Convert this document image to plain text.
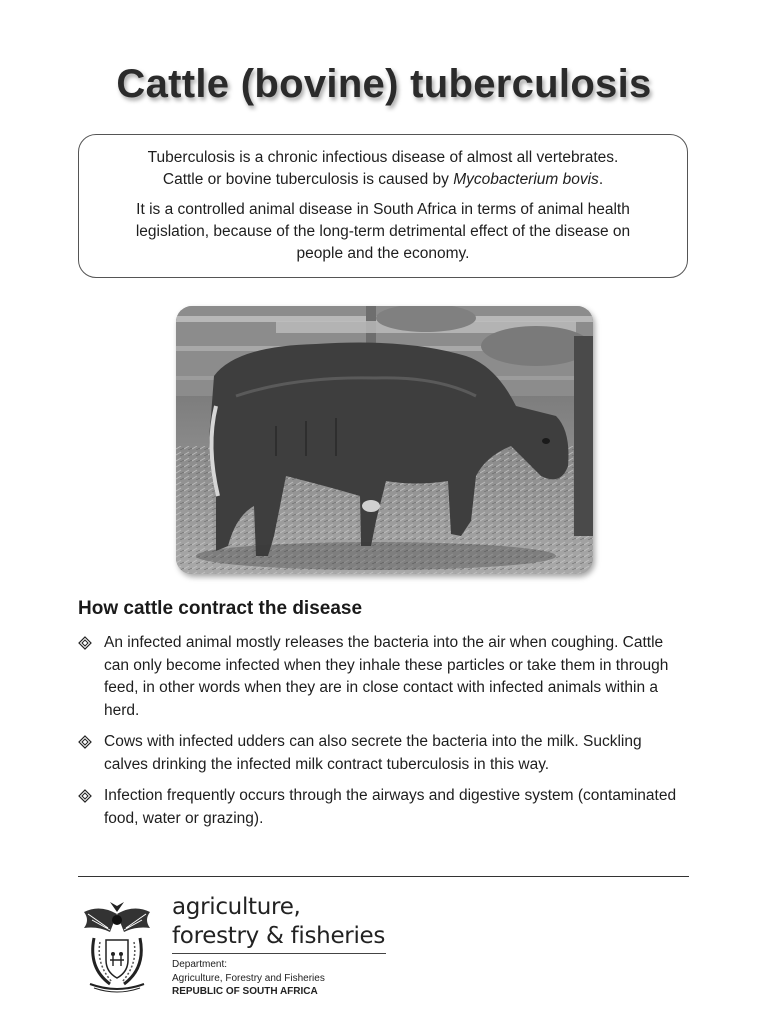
Cattle (bovine) tuberculosis

Tuberculosis is a chronic infectious disease of almost all vertebrates.
Cattle or bovine tuberculosis is caused by Mycobacterium bovis.

It is a controlled animal disease in South Africa in terms of animal health legislation, because of the long-term detrimental effect of the disease on people and the economy.

How cattle contract the disease
An infected animal mostly releases the bacteria into the air when coughing. Cattle can only become infected when they inhale these particles or take them in through feed, in other words when they are in close contact with infected animals within a herd.
Cows with infected udders can also secrete the bacteria into the milk. Suckling calves drinking the infected milk contract tuberculosis in this way.
Infection frequently occurs through the airways and digestive system (contaminated food, water or grazing).
agriculture,
forestry & fisheries
Department:
Agriculture, Forestry and Fisheries
REPUBLIC OF SOUTH AFRICA
